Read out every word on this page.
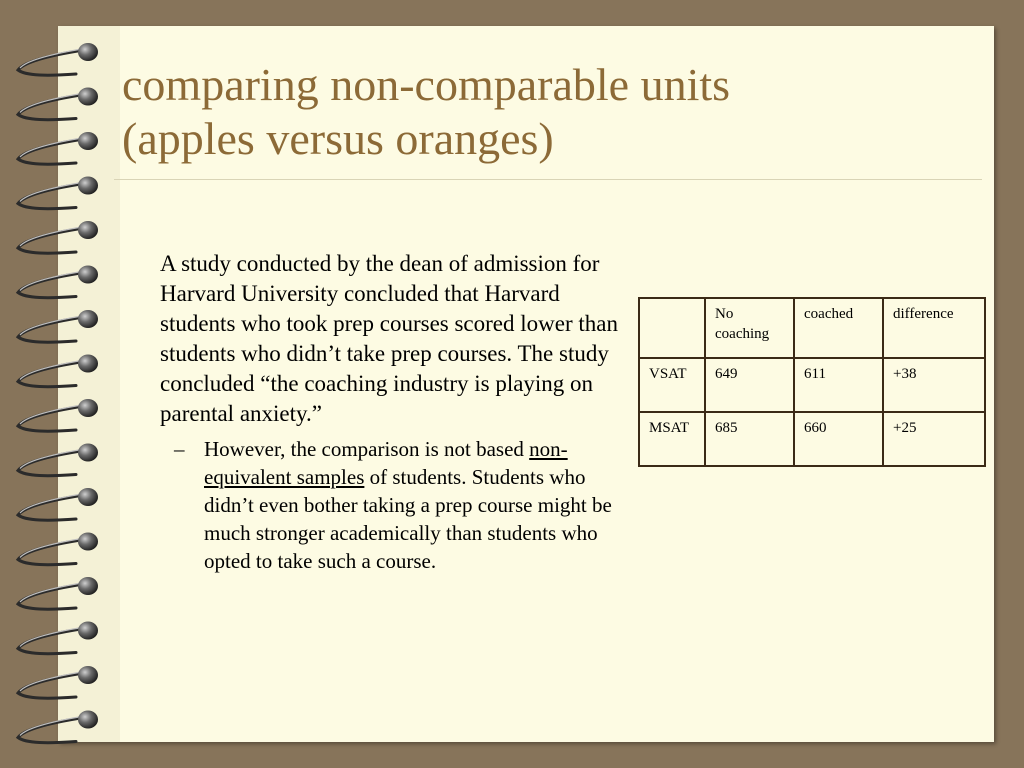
comparing non-comparable units
(apples versus oranges)

A study conducted by the dean of admission for Harvard University concluded that Harvard students who took prep courses scored lower than students who didn’t take prep courses. The study concluded “the coaching industry is playing on parental anxiety.”

– However, the comparison is not based non-equivalent samples of students. Students who didn’t even bother taking a prep course might be much stronger academically than students who opted to take such a course.

	No coaching	coached	difference
VSAT	649	611	+38
MSAT	685	660	+25
